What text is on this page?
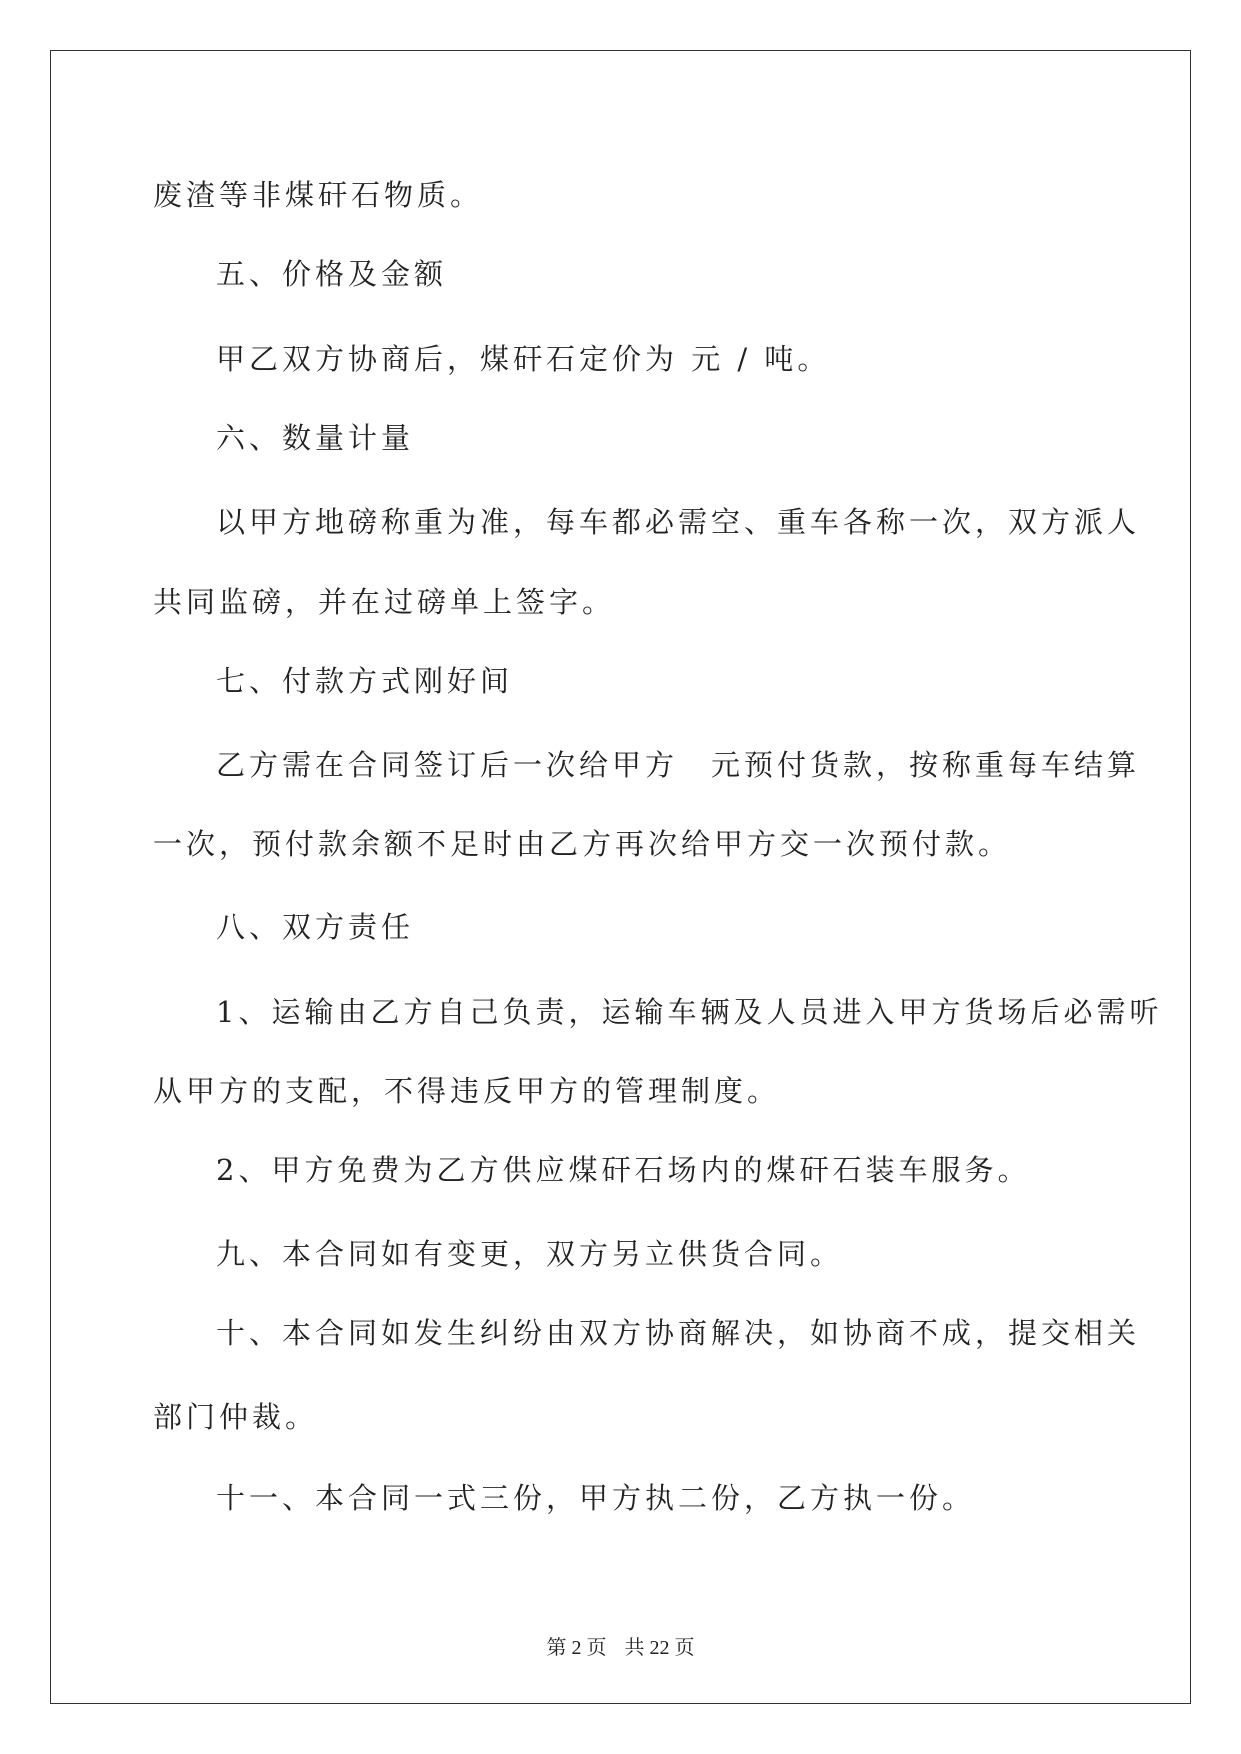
废渣等非煤矸石物质。
五、价格及金额
甲乙双方协商后，煤矸石定价为 元 / 吨。
六、数量计量
以甲方地磅称重为准，每车都必需空、重车各称一次，双方派人
共同监磅，并在过磅单上签字。
七、付款方式刚好间
乙方需在合同签订后一次给甲方　元预付货款，按称重每车结算
一次，预付款余额不足时由乙方再次给甲方交一次预付款。
八、双方责任
1、运输由乙方自己负责，运输车辆及人员进入甲方货场后必需听
从甲方的支配，不得违反甲方的管理制度。
2、甲方免费为乙方供应煤矸石场内的煤矸石装车服务。
九、本合同如有变更，双方另立供货合同。
十、本合同如发生纠纷由双方协商解决，如协商不成，提交相关
部门仲裁。
十一、本合同一式三份，甲方执二份，乙方执一份。
第 2 页 共 22 页
